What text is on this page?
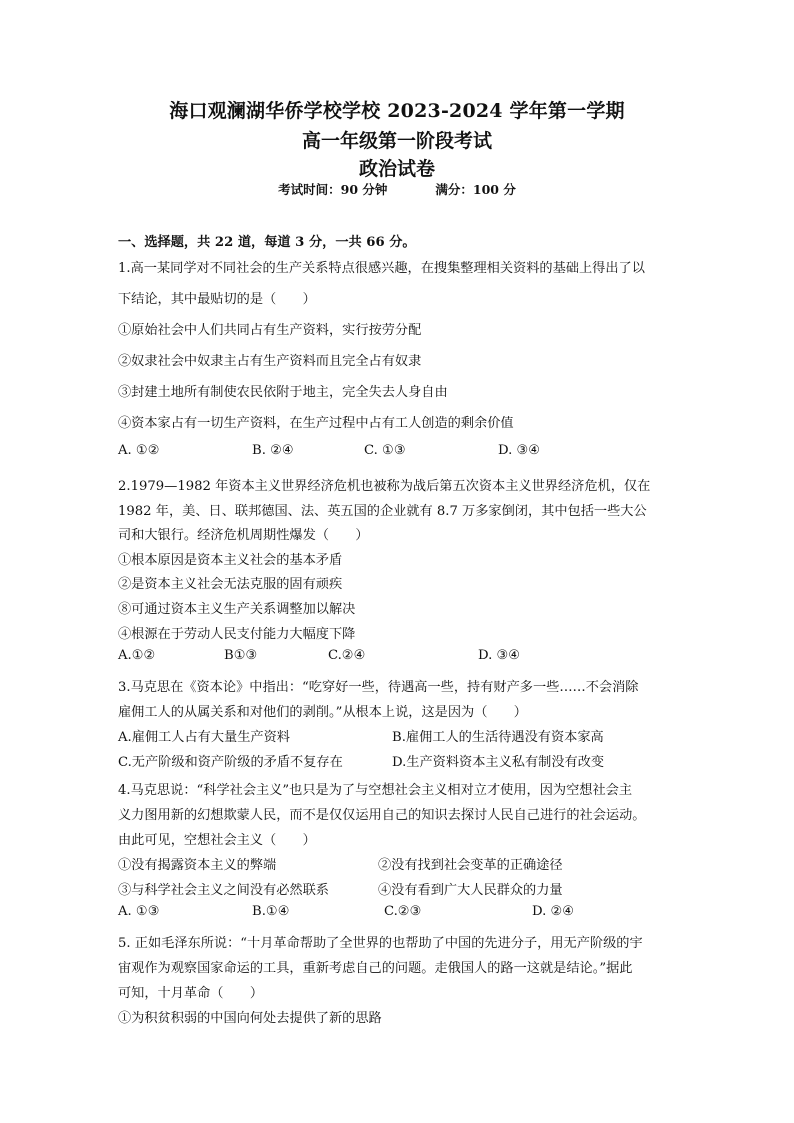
海口观澜湖华侨学校学校 2023-2024 学年第一学期
高一年级第一阶段考试
政治试卷
考试时间：90 分钟	满分：100 分
一、选择题，共 22 道，每道 3 分，一共 66 分。
1.高一某同学对不同社会的生产关系特点很感兴趣，在搜集整理相关资料的基础上得出了以
下结论，其中最贴切的是（　　）
①原始社会中人们共同占有生产资料，实行按劳分配
②奴隶社会中奴隶主占有生产资料而且完全占有奴隶
③封建土地所有制使农民依附于地主，完全失去人身自由
④资本家占有一切生产资料，在生产过程中占有工人创造的剩余价值
A. ①②	B. ②④	C. ①③	D. ③④
2.1979—1982 年资本主义世界经济危机也被称为战后第五次资本主义世界经济危机，仅在
1982 年，美、日、联邦德国、法、英五国的企业就有 8.7 万多家倒闭，其中包括一些大公
司和大银行。经济危机周期性爆发（　　）
①根本原因是资本主义社会的基本矛盾
②是资本主义社会无法克服的固有顽疾
⑧可通过资本主义生产关系调整加以解决
④根源在于劳动人民支付能力大幅度下降
A.①②	B①③	C.②④	D. ③④
3.马克思在《资本论》中指出：“吃穿好一些，待遇高一些，持有财产多一些……不会消除
雇佣工人的从属关系和对他们的剥削。”从根本上说，这是因为（　　）
A.雇佣工人占有大量生产资料	B.雇佣工人的生活待遇没有资本家高
C.无产阶级和资产阶级的矛盾不复存在	D.生产资料资本主义私有制没有改变
4.马克思说：“科学社会主义”也只是为了与空想社会主义相对立才使用，因为空想社会主
义力图用新的幻想欺蒙人民，而不是仅仅运用自己的知识去探讨人民自己进行的社会运动。
由此可见，空想社会主义（　　）
①没有揭露资本主义的弊端	②没有找到社会变革的正确途径
③与科学社会主义之间没有必然联系	④没有看到广大人民群众的力量
A. ①③	B.①④	C.②③	D. ②④
5. 正如毛泽东所说：“十月革命帮助了全世界的也帮助了中国的先进分子，用无产阶级的宇
宙观作为观察国家命运的工具，重新考虑自己的问题。走俄国人的路一这就是结论。”据此
可知，十月革命（　　）
①为积贫积弱的中国向何处去提供了新的思路
